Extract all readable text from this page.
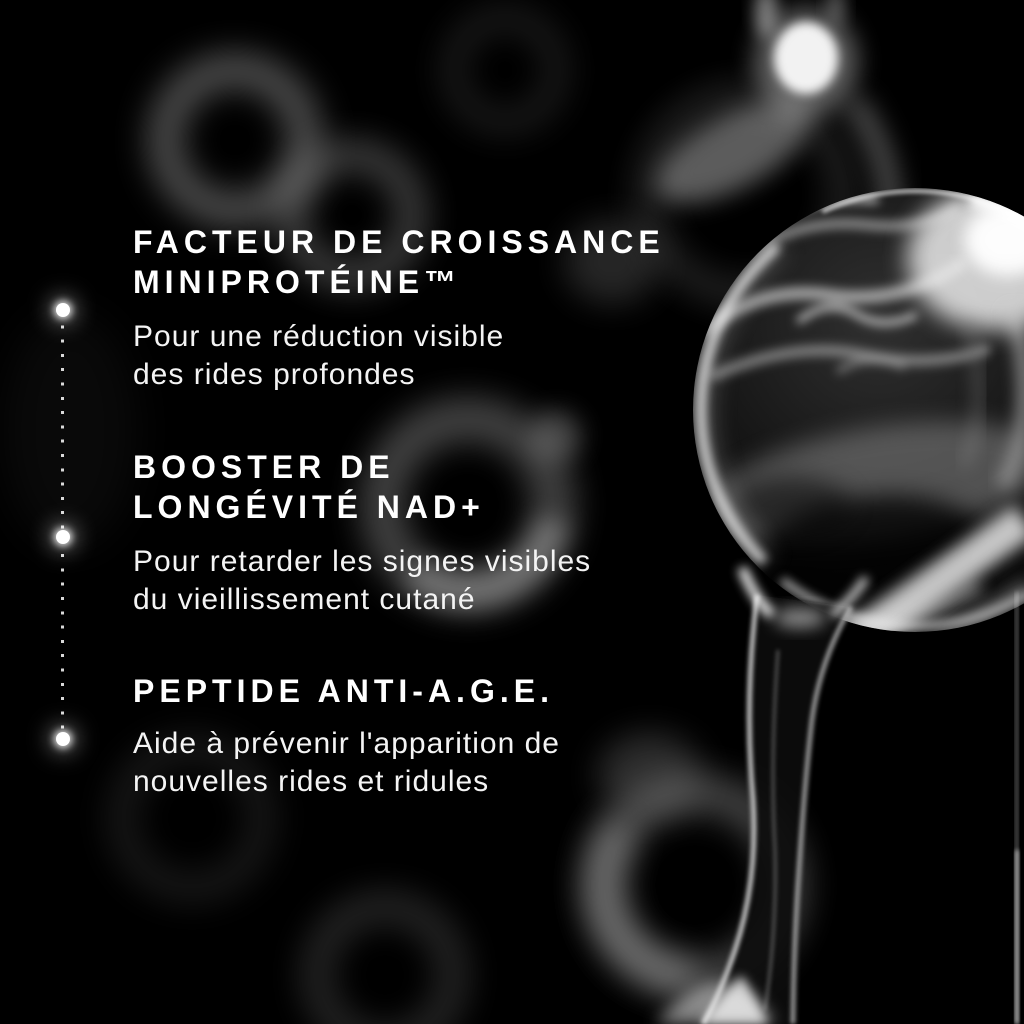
FACTEUR DE CROISSANCE
MINIPROTÉINE™

Pour une réduction visible
des rides profondes

BOOSTER DE
LONGÉVITÉ NAD+

Pour retarder les signes visibles
du vieillissement cutané

PEPTIDE ANTI-A.G.E.

Aide à prévenir l'apparition de
nouvelles rides et ridules
